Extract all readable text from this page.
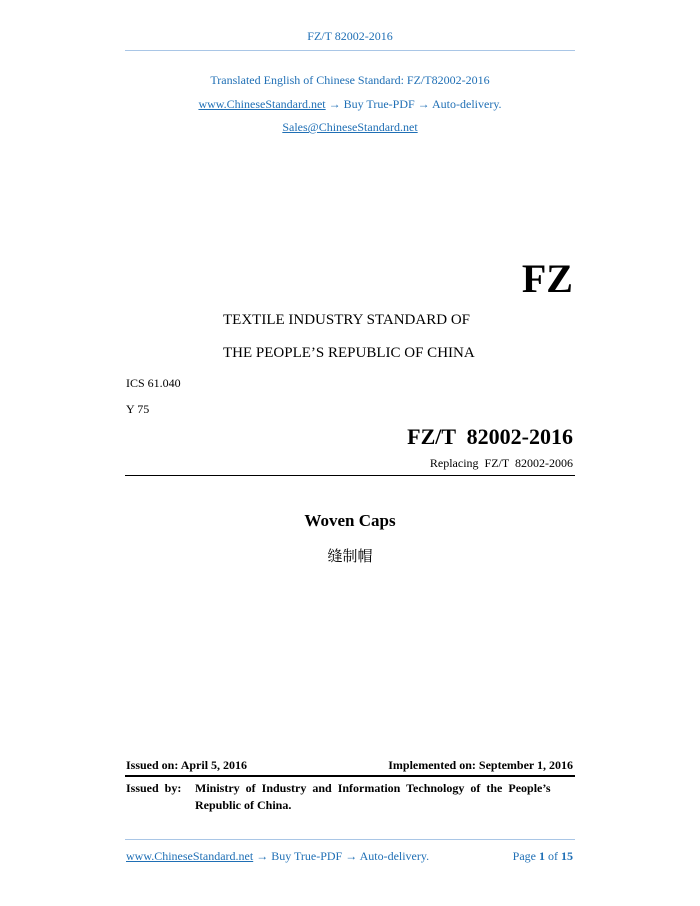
FZ/T 82002-2016
Translated English of Chinese Standard: FZ/T82002-2016
www.ChineseStandard.net → Buy True-PDF → Auto-delivery.
Sales@ChineseStandard.net
FZ
TEXTILE INDUSTRY STANDARD OF
THE PEOPLE’S REPUBLIC OF CHINA
ICS 61.040
Y 75
FZ/T  82002-2016
Replacing  FZ/T  82002-2006
Woven Caps
缝制帽
Issued on: April 5, 2016	Implemented on: September 1, 2016
Issued  by: Ministry  of  Industry  and  Information  Technology  of  the  People’s
Republic of China.
www.ChineseStandard.net → Buy True-PDF → Auto-delivery.	Page 1 of 15
